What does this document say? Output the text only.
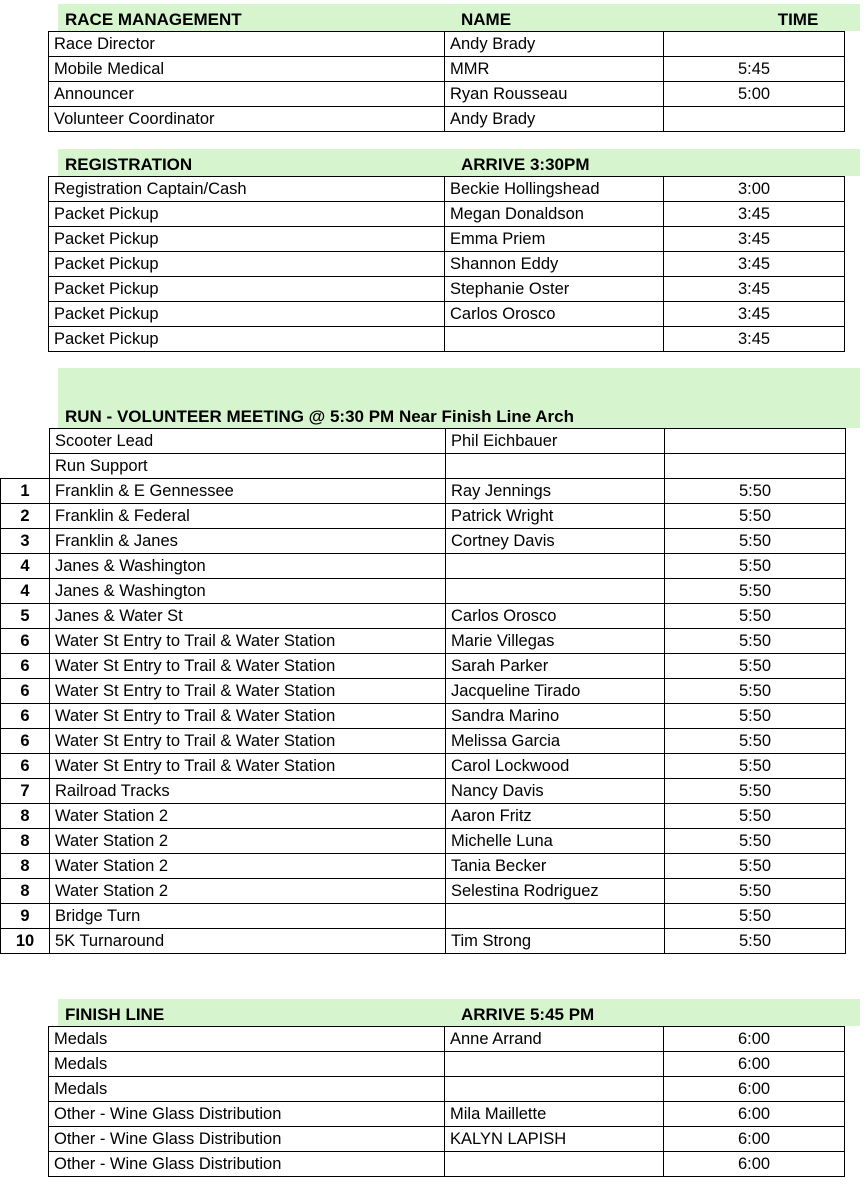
RACE MANAGEMENT	NAME	TIME
	Race Director	Andy Brady	
	Mobile Medical	MMR	5:45
	Announcer	Ryan Rousseau	5:00
	Volunteer Coordinator	Andy Brady	
REGISTRATION	ARRIVE 3:30PM
	Registration Captain/Cash	Beckie Hollingshead	3:00
	Packet Pickup	Megan Donaldson	3:45
	Packet Pickup	Emma Priem	3:45
	Packet Pickup	Shannon Eddy	3:45
	Packet Pickup	Stephanie Oster	3:45
	Packet Pickup	Carlos Orosco	3:45
	Packet Pickup		3:45
RUN - VOLUNTEER MEETING @ 5:30 PM Near Finish Line Arch
	Scooter Lead	Phil Eichbauer	
	Run Support		
1	Franklin & E Gennessee	Ray Jennings	5:50
2	Franklin & Federal	Patrick Wright	5:50
3	Franklin & Janes	Cortney Davis	5:50
4	Janes & Washington		5:50
4	Janes & Washington		5:50
5	Janes & Water St	Carlos Orosco	5:50
6	Water St Entry to Trail & Water Station	Marie Villegas	5:50
6	Water St Entry to Trail & Water Station	Sarah Parker	5:50
6	Water St Entry to Trail & Water Station	Jacqueline Tirado	5:50
6	Water St Entry to Trail & Water Station	Sandra Marino	5:50
6	Water St Entry to Trail & Water Station	Melissa Garcia	5:50
6	Water St Entry to Trail & Water Station	Carol Lockwood	5:50
7	Railroad Tracks	Nancy Davis	5:50
8	Water Station 2	Aaron Fritz	5:50
8	Water Station 2	Michelle Luna	5:50
8	Water Station 2	Tania Becker	5:50
8	Water Station 2	Selestina Rodriguez	5:50
9	Bridge Turn		5:50
10	5K Turnaround	Tim Strong	5:50
FINISH LINE	ARRIVE 5:45 PM
	Medals	Anne Arrand	6:00
	Medals		6:00
	Medals		6:00
	Other - Wine Glass Distribution	Mila Maillette	6:00
	Other - Wine Glass Distribution	KALYN LAPISH	6:00
	Other - Wine Glass Distribution		6:00
